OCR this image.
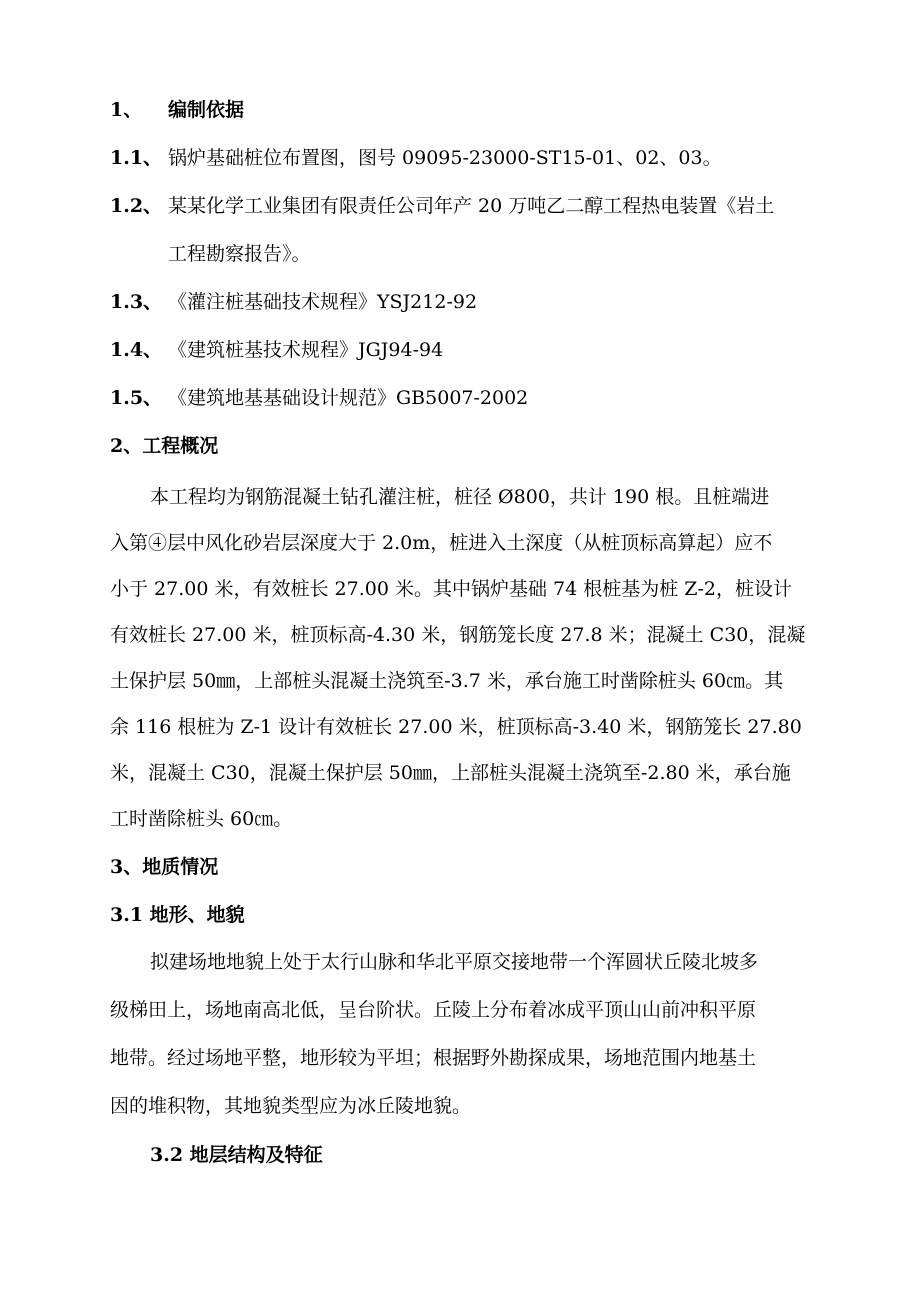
1、 编制依据
1.1、 锅炉基础桩位布置图，图号 09095-23000-ST15-01、02、03。
1.2、 某某化学工业集团有限责任公司年产 20 万吨乙二醇工程热电装置《岩土
工程勘察报告》。
1.3、 《灌注桩基础技术规程》YSJ212-92
1.4、 《建筑桩基技术规程》JGJ94-94
1.5、 《建筑地基基础设计规范》GB5007-2002
2、工程概况
本工程均为钢筋混凝土钻孔灌注桩，桩径 Ø800，共计 190 根。且桩端进
入第④层中风化砂岩层深度大于 2.0m，桩进入土深度（从桩顶标高算起）应不
小于 27.00 米，有效桩长 27.00 米。其中锅炉基础 74 根桩基为桩 Z-2，桩设计
有效桩长 27.00 米，桩顶标高-4.30 米，钢筋笼长度 27.8 米；混凝土 C30，混凝
土保护层 50㎜，上部桩头混凝土浇筑至-3.7 米，承台施工时凿除桩头 60㎝。其
余 116 根桩为 Z-1 设计有效桩长 27.00 米，桩顶标高-3.40 米，钢筋笼长 27.80
米，混凝土 C30，混凝土保护层 50㎜，上部桩头混凝土浇筑至-2.80 米，承台施
工时凿除桩头 60㎝。
3、地质情况
3.1 地形、地貌
拟建场地地貌上处于太行山脉和华北平原交接地带一个浑圆状丘陵北坡多
级梯田上，场地南高北低，呈台阶状。丘陵上分布着冰成平顶山山前冲积平原
地带。经过场地平整，地形较为平坦；根据野外勘探成果，场地范围内地基土
因的堆积物，其地貌类型应为冰丘陵地貌。
3.2 地层结构及特征
